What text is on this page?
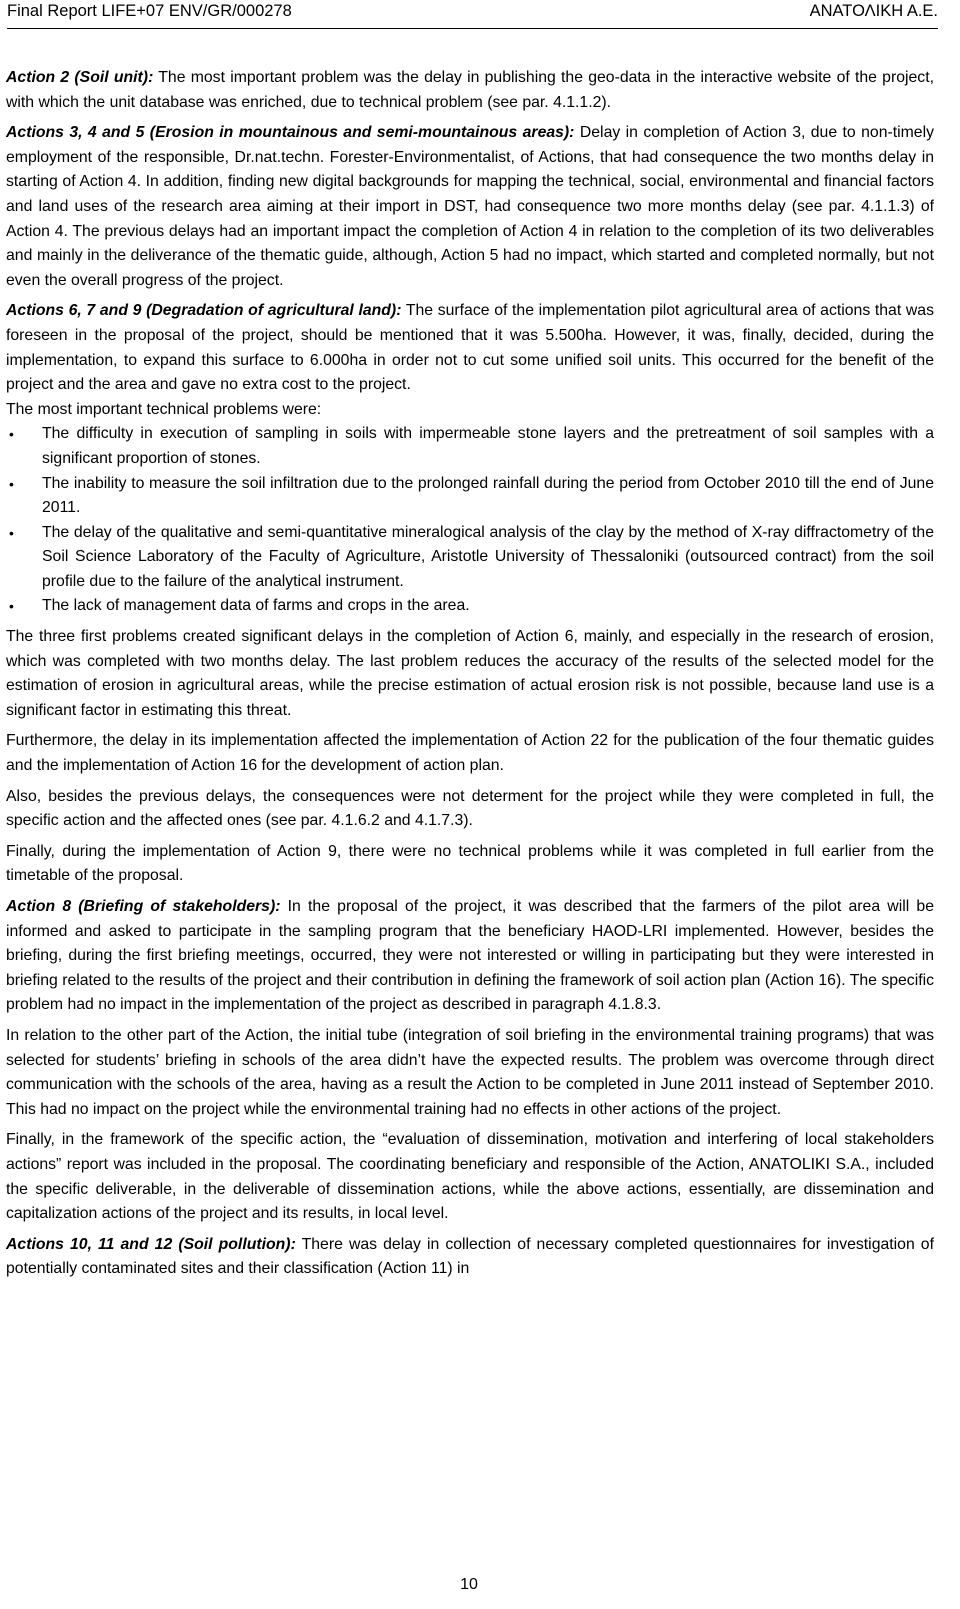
Final Report LIFE+07 ENV/GR/000278	ΑΝΑΤΟΛΙΚΗ Α.Ε.

Action 2 (Soil unit): The most important problem was the delay in publishing the geo-data in the interactive website of the project, with which the unit database was enriched, due to technical problem (see par. 4.1.1.2).

Actions 3, 4 and 5 (Erosion in mountainous and semi-mountainous areas): Delay in completion of Action 3, due to non-timely employment of the responsible, Dr.nat.techn. Forester-Environmentalist, of Actions, that had consequence the two months delay in starting of Action 4. In addition, finding new digital backgrounds for mapping the technical, social, environmental and financial factors and land uses of the research area aiming at their import in DST, had consequence two more months delay (see par. 4.1.1.3) of Action 4. The previous delays had an important impact the completion of Action 4 in relation to the completion of its two deliverables and mainly in the deliverance of the thematic guide, although, Action 5 had no impact, which started and completed normally, but not even the overall progress of the project.

Actions 6, 7 and 9 (Degradation of agricultural land): The surface of the implementation pilot agricultural area of actions that was foreseen in the proposal of the project, should be mentioned that it was 5.500ha. However, it was, finally, decided, during the implementation, to expand this surface to 6.000ha in order not to cut some unified soil units. This occurred for the benefit of the project and the area and gave no extra cost to the project.

The most important technical problems were:

• The difficulty in execution of sampling in soils with impermeable stone layers and the pretreatment of soil samples with a significant proportion of stones.
• The inability to measure the soil infiltration due to the prolonged rainfall during the period from October 2010 till the end of June 2011.
• The delay of the qualitative and semi-quantitative mineralogical analysis of the clay by the method of X-ray diffractometry of the Soil Science Laboratory of the Faculty of Agriculture, Aristotle University of Thessaloniki (outsourced contract) from the soil profile due to the failure of the analytical instrument.
• The lack of management data of farms and crops in the area.

The three first problems created significant delays in the completion of Action 6, mainly, and especially in the research of erosion, which was completed with two months delay. The last problem reduces the accuracy of the results of the selected model for the estimation of erosion in agricultural areas, while the precise estimation of actual erosion risk is not possible, because land use is a significant factor in estimating this threat.

Furthermore, the delay in its implementation affected the implementation of Action 22 for the publication of the four thematic guides and the implementation of Action 16 for the development of action plan.

Also, besides the previous delays, the consequences were not determent for the project while they were completed in full, the specific action and the affected ones (see par. 4.1.6.2 and 4.1.7.3).

Finally, during the implementation of Action 9, there were no technical problems while it was completed in full earlier from the timetable of the proposal.

Action 8 (Briefing of stakeholders): In the proposal of the project, it was described that the farmers of the pilot area will be informed and asked to participate in the sampling program that the beneficiary HAOD-LRI implemented. However, besides the briefing, during the first briefing meetings, occurred, they were not interested or willing in participating but they were interested in briefing related to the results of the project and their contribution in defining the framework of soil action plan (Action 16). The specific problem had no impact in the implementation of the project as described in paragraph 4.1.8.3.

In relation to the other part of the Action, the initial tube (integration of soil briefing in the environmental training programs) that was selected for students’ briefing in schools of the area didn’t have the expected results. The problem was overcome through direct communication with the schools of the area, having as a result the Action to be completed in June 2011 instead of September 2010. This had no impact on the project while the environmental training had no effects in other actions of the project.

Finally, in the framework of the specific action, the “evaluation of dissemination, motivation and interfering of local stakeholders actions” report was included in the proposal. The coordinating beneficiary and responsible of the Action, ANATOLIKI S.A., included the specific deliverable, in the deliverable of dissemination actions, while the above actions, essentially, are dissemination and capitalization actions of the project and its results, in local level.

Actions 10, 11 and 12 (Soil pollution): There was delay in collection of necessary completed questionnaires for investigation of potentially contaminated sites and their classification (Action 11) in

10
